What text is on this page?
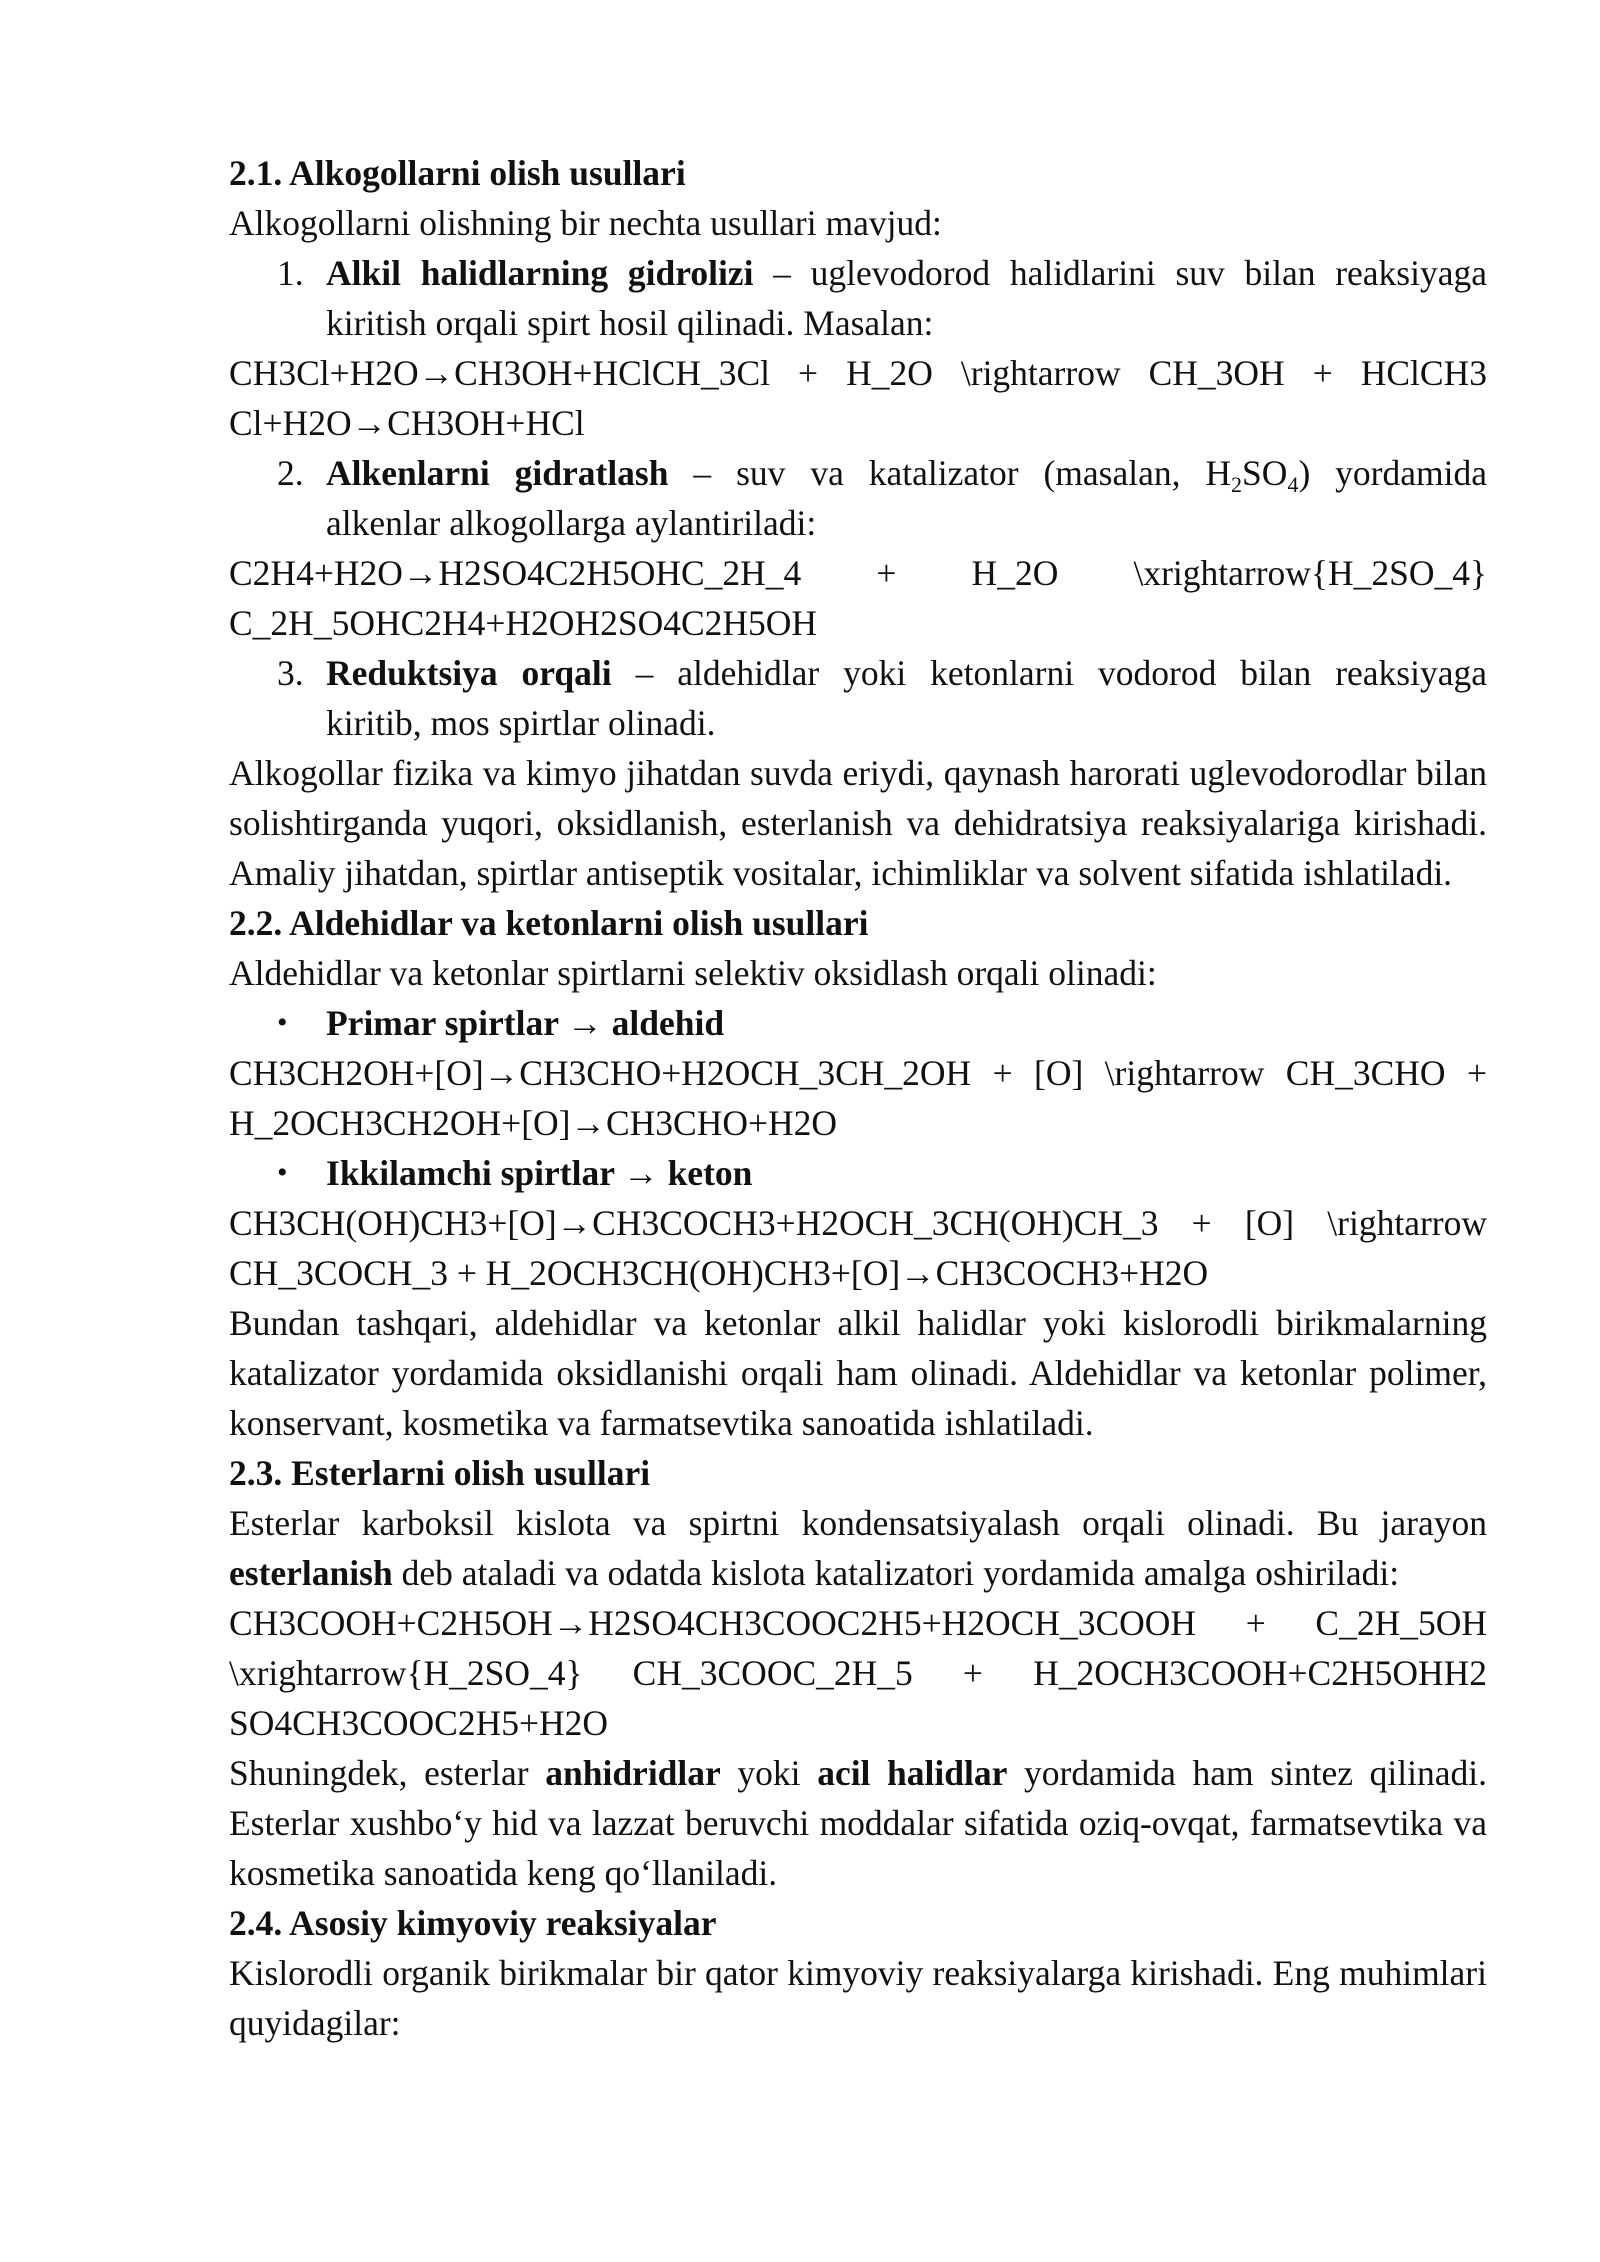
2.1. Alkogollarni olish usullari

Alkogollarni olishning bir nechta usullari mavjud:

1. Alkil halidlarning gidrolizi – uglevodorod halidlarini suv bilan reaksiyaga
kiritish orqali spirt hosil qilinadi. Masalan:

CH3Cl+H2O→CH3OH+HClCH_3Cl + H_2O \rightarrow CH_3OH + HClCH3

Cl+H2O→CH3OH+HCl

2. Alkenlarni gidratlash – suv va katalizator (masalan, $H_2SO_4$) yordamida
alkenlar alkogollarga aylantiriladi:

C2H4+H2O→H2SO4C2H5OHC_2H_4 + H_2O \xrightarrow{H_2SO_4}

C_2H_5OHC2H4+H2OH2SO4C2H5OH

3. Reduktsiya orqali – aldehidlar yoki ketonlarni vodorod bilan reaksiyaga
kiritib, mos spirtlar olinadi.

Alkogollar fizika va kimyo jihatdan suvda eriydi, qaynash harorati uglevodorodlar bilan solishtirganda yuqori, oksidlanish, esterlanish va dehidratsiya reaksiyalariga kirishadi. Amaliy jihatdan, spirtlar antiseptik vositalar, ichimliklar va solvent sifatida ishlatiladi.

2.2. Aldehidlar va ketonlarni olish usullari

Aldehidlar va ketonlar spirtlarni selektiv oksidlash orqali olinadi:

•	Primar spirtlar → aldehid

CH3CH2OH+[O]→CH3CHO+H2OCH_3CH_2OH + [O] \rightarrow CH_3CHO +

H_2OCH3CH2OH+[O]→CH3CHO+H2O

•	Ikkilamchi spirtlar → keton

CH3CH(OH)CH3+[O]→CH3COCH3+H2OCH_3CH(OH)CH_3 + [O] \rightarrow

CH_3COCH_3 + H_2OCH3CH(OH)CH3+[O]→CH3COCH3+H2O

Bundan tashqari, aldehidlar va ketonlar alkil halidlar yoki kislorodli birikmalarning katalizator yordamida oksidlanishi orqali ham olinadi. Aldehidlar va ketonlar polimer, konservant, kosmetika va farmatsevtika sanoatida ishlatiladi.

2.3. Esterlarni olish usullari

Esterlar karboksil kislota va spirtni kondensatsiyalash orqali olinadi. Bu jarayon esterlanish deb ataladi va odatda kislota katalizatori yordamida amalga oshiriladi:

CH3COOH+C2H5OH→H2SO4CH3COOC2H5+H2OCH_3COOH + C_2H_5OH

\xrightarrow{H_2SO_4} CH_3COOC_2H_5 + H_2OCH3COOH+C2H5OHH2

SO4CH3COOC2H5+H2O

Shuningdek, esterlar anhidridlar yoki acil halidlar yordamida ham sintez qilinadi. Esterlar xushbo‘y hid va lazzat beruvchi moddalar sifatida oziq-ovqat, farmatsevtika va kosmetika sanoatida keng qo‘llaniladi.

2.4. Asosiy kimyoviy reaksiyalar

Kislorodli organik birikmalar bir qator kimyoviy reaksiyalarga kirishadi. Eng muhimlari quyidagilar:
